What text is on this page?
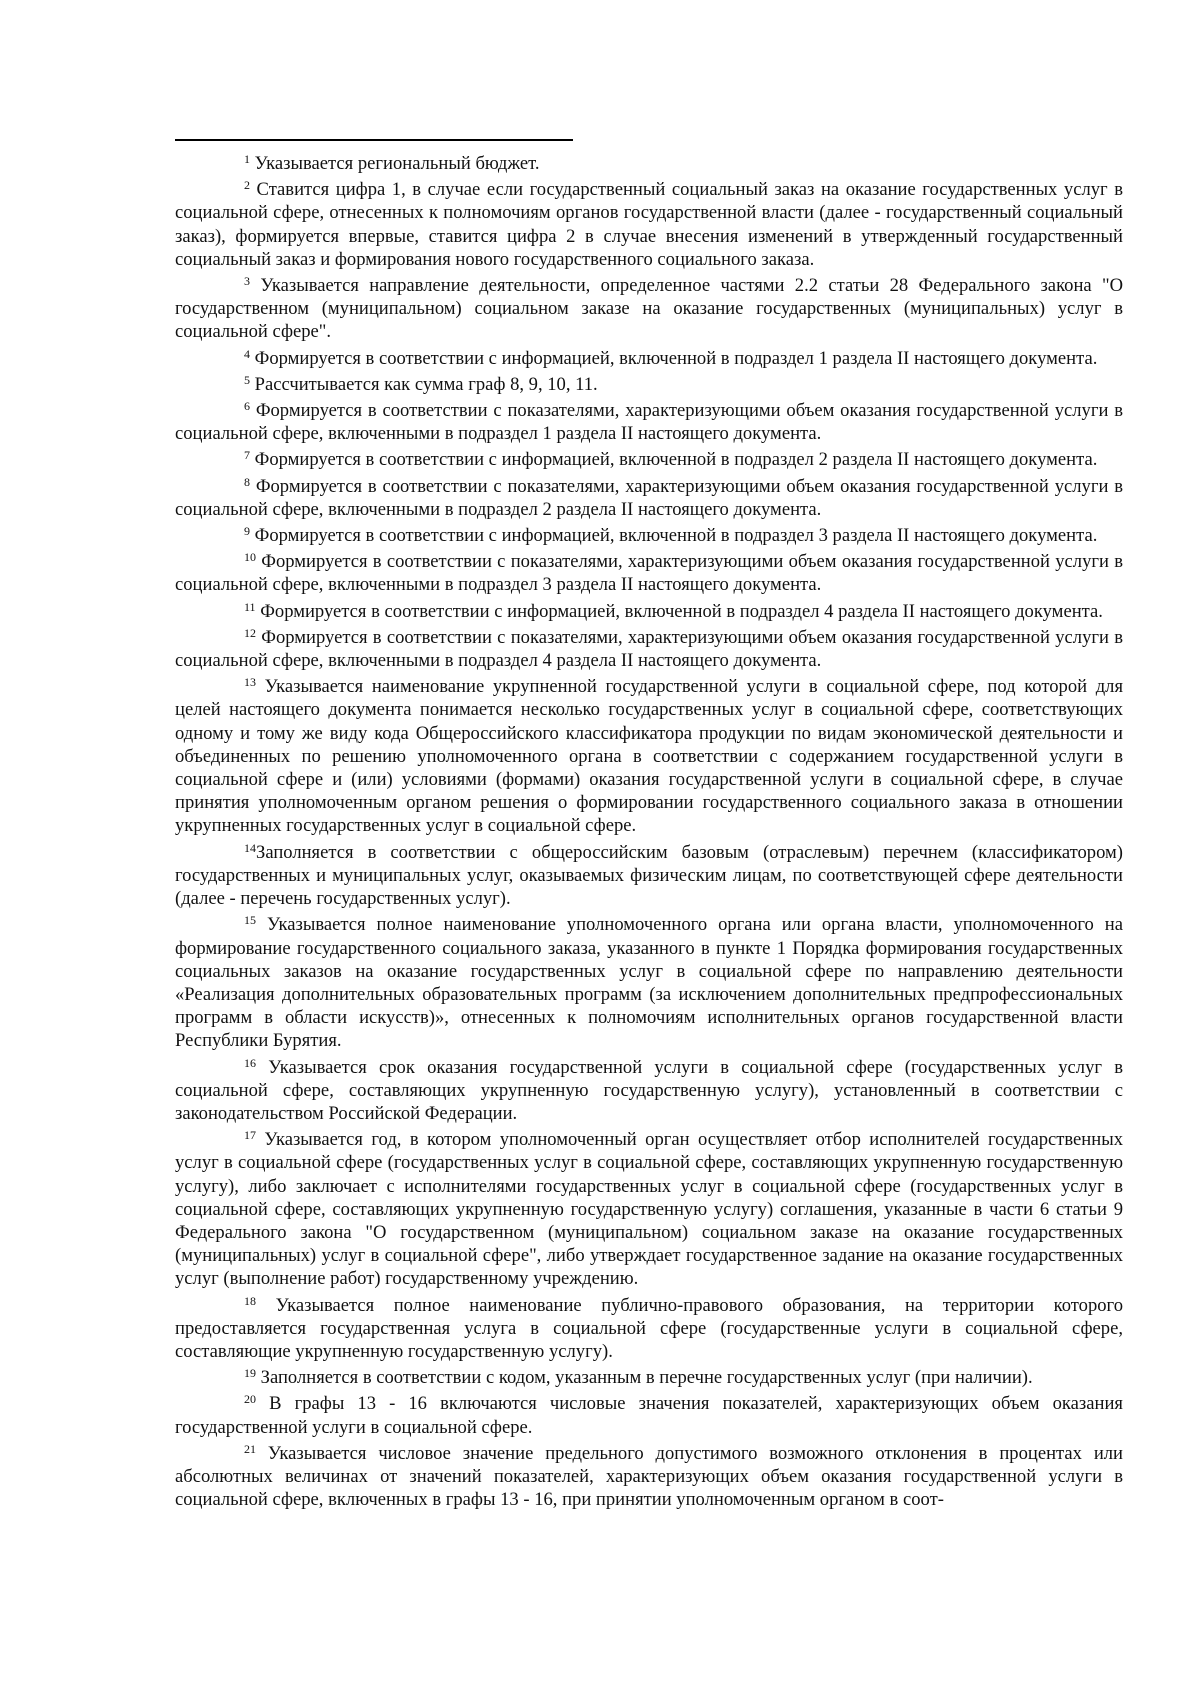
$^1$ Указывается региональный бюджет.

$^2$ Ставится цифра 1, в случае если государственный социальный заказ на оказание государственных услуг в социальной сфере, отнесенных к полномочиям органов государственной власти (далее - государственный социальный заказ), формируется впервые, ставится цифра 2 в случае внесения изменений в утвержденный государственный социальный заказ и формирования нового государственного социального заказа.

$^3$ Указывается направление деятельности, определенное частями 2.2 статьи 28 Федерального закона "О государственном (муниципальном) социальном заказе на оказание государственных (муниципальных) услуг в социальной сфере".

$^4$ Формируется в соответствии с информацией, включенной в подраздел 1 раздела II настоящего документа.

$^5$ Рассчитывается как сумма граф 8, 9, 10, 11.

$^6$ Формируется в соответствии с показателями, характеризующими объем оказания государственной услуги в социальной сфере, включенными в подраздел 1 раздела II настоящего документа.

$^7$ Формируется в соответствии с информацией, включенной в подраздел 2 раздела II настоящего документа.

$^8$ Формируется в соответствии с показателями, характеризующими объем оказания государственной услуги в социальной сфере, включенными в подраздел 2 раздела II настоящего документа.

$^9$ Формируется в соответствии с информацией, включенной в подраздел 3 раздела II настоящего документа.

$^{10}$ Формируется в соответствии с показателями, характеризующими объем оказания государственной услуги в социальной сфере, включенными в подраздел 3 раздела II настоящего документа.

$^{11}$ Формируется в соответствии с информацией, включенной в подраздел 4 раздела II настоящего документа.

$^{12}$ Формируется в соответствии с показателями, характеризующими объем оказания государственной услуги в социальной сфере, включенными в подраздел 4 раздела II настоящего документа.

$^{13}$ Указывается наименование укрупненной государственной услуги в социальной сфере, под которой для целей настоящего документа понимается несколько государственных услуг в социальной сфере, соответствующих одному и тому же виду кода Общероссийского классификатора продукции по видам экономической деятельности и объединенных по решению уполномоченного органа в соответствии с содержанием государственной услуги в социальной сфере и (или) условиями (формами) оказания государственной услуги в социальной сфере, в случае принятия уполномоченным органом решения о формировании государственного социального заказа в отношении укрупненных государственных услуг в социальной сфере.

$^{14}$Заполняется в соответствии с общероссийским базовым (отраслевым) перечнем (классификатором) государственных и муниципальных услуг, оказываемых физическим лицам, по соответствующей сфере деятельности (далее - перечень государственных услуг).

$^{15}$ Указывается полное наименование уполномоченного органа или органа власти, уполномоченного на формирование государственного социального заказа, указанного в пункте 1 Порядка формирования государственных социальных заказов на оказание государственных услуг в социальной сфере по направлению деятельности «Реализация дополнительных образовательных программ (за исключением дополнительных предпрофессиональных программ в области искусств)», отнесенных к полномочиям исполнительных органов государственной власти Республики Бурятия.

$^{16}$ Указывается срок оказания государственной услуги в социальной сфере (государственных услуг в социальной сфере, составляющих укрупненную государственную услугу), установленный в соответствии с законодательством Российской Федерации.

$^{17}$ Указывается год, в котором уполномоченный орган осуществляет отбор исполнителей государственных услуг в социальной сфере (государственных услуг в социальной сфере, составляющих укрупненную государственную услугу), либо заключает с исполнителями государственных услуг в социальной сфере (государственных услуг в социальной сфере, составляющих укрупненную государственную услугу) соглашения, указанные в части 6 статьи 9 Федерального закона "О государственном (муниципальном) социальном заказе на оказание государственных (муниципальных) услуг в социальной сфере", либо утверждает государственное задание на оказание государственных услуг (выполнение работ) государственному учреждению.

$^{18}$ Указывается полное наименование публично-правового образования, на территории которого предоставляется государственная услуга в социальной сфере (государственные услуги в социальной сфере, составляющие укрупненную государственную услугу).

$^{19}$ Заполняется в соответствии с кодом, указанным в перечне государственных услуг (при наличии).

$^{20}$ В графы 13 - 16 включаются числовые значения показателей, характеризующих объем оказания государственной услуги в социальной сфере.

$^{21}$ Указывается числовое значение предельного допустимого возможного отклонения в процентах или абсолютных величинах от значений показателей, характеризующих объем оказания государственной услуги в социальной сфере, включенных в графы 13 - 16, при принятии уполномоченным органом в соот-
